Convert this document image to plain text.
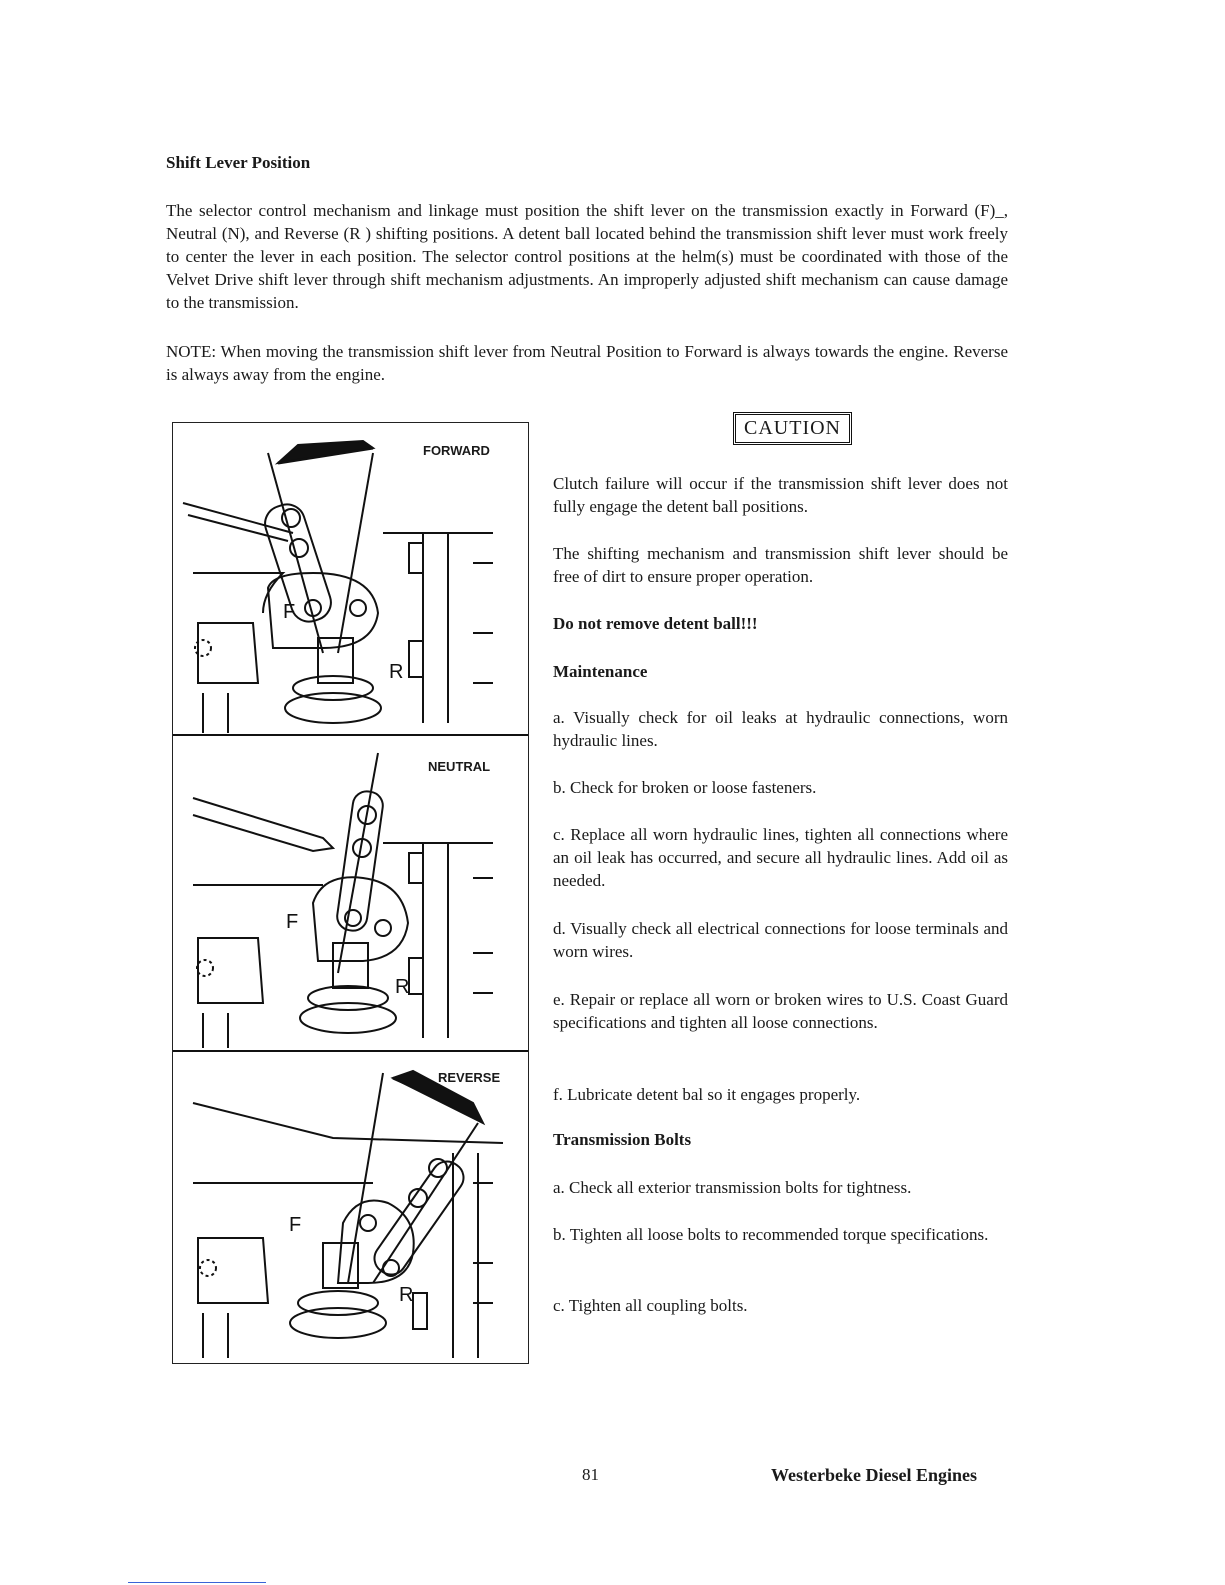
Shift Lever Position
The selector control mechanism and linkage must position the shift lever on the transmission exactly in Forward (F)_, Neutral (N), and Reverse (R ) shifting positions. A detent ball located behind the transmission shift lever must work freely to center the lever in each position. The selector control positions at the helm(s) must be coordinated with those of the Velvet Drive shift lever through shift mechanism adjustments. An improperly adjusted shift mechanism can cause damage to the transmission.
NOTE: When moving the transmission shift lever from Neutral Position to Forward is always towards the engine. Reverse is always away from the engine.
F
R
F
R
F
R
FORWARD
NEUTRAL
REVERSE
CAUTION
Clutch failure will occur if the transmission shift lever does not fully engage the detent ball positions.
The shifting mechanism and transmission shift lever should be free of dirt to ensure proper operation.
Do not remove detent ball!!!
Maintenance
a. Visually check for oil leaks at hydraulic connections, worn hydraulic lines.
b. Check for broken or loose fasteners.
c. Replace all worn hydraulic lines, tighten all connections where an oil leak has occurred, and secure all hydraulic lines. Add oil as needed.
d. Visually check all electrical connections for loose terminals and worn wires.
e. Repair or replace all worn or broken wires to U.S. Coast Guard specifications and tighten all loose connections.
f. Lubricate detent bal so it engages properly.
Transmission Bolts
a. Check all exterior transmission bolts for tightness.
b. Tighten all loose bolts to recommended torque specifications.
c. Tighten all coupling bolts.
81	Westerbeke Diesel Engines
